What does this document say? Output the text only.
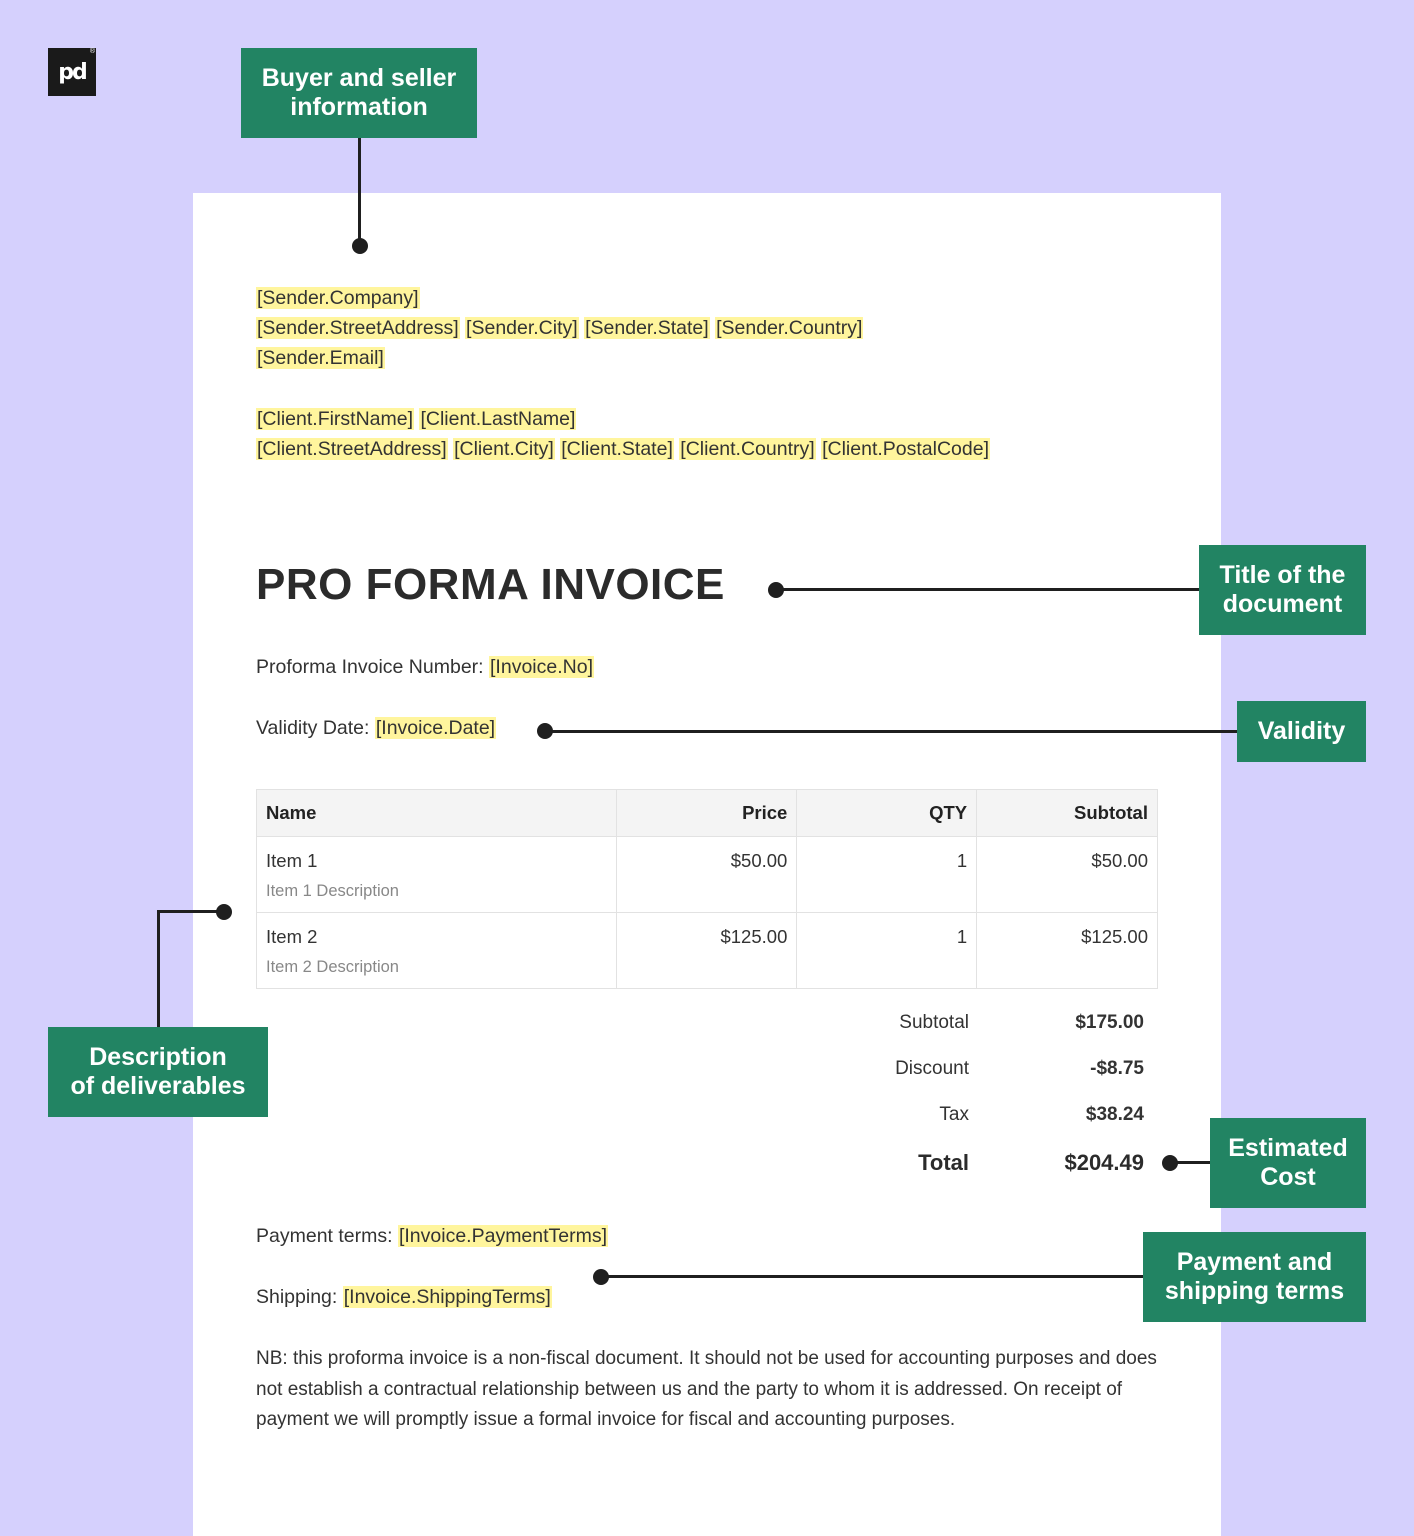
pd
®
[Sender.Company]
[Sender.StreetAddress] [Sender.City] [Sender.State] [Sender.Country]
[Sender.Email]
[Client.FirstName] [Client.LastName]
[Client.StreetAddress] [Client.City] [Client.State] [Client.Country] [Client.PostalCode]
PRO FORMA INVOICE
Proforma Invoice Number: [Invoice.No]
Validity Date: [Invoice.Date]
Name	Price	QTY	Subtotal

Item 1
Item 1 Description	$50.00	1	$50.00

Item 2
Item 2 Description	$125.00	1	$125.00
Subtotal	$175.00
Discount	-$8.75
Tax	$38.24
Total	$204.49
Payment terms: [Invoice.PaymentTerms]
Shipping: [Invoice.ShippingTerms]
NB: this proforma invoice is a non-fiscal document. It should not be used for accounting purposes and does not establish a contractual relationship between us and the party to whom it is addressed. On receipt of payment we will promptly issue a formal invoice for fiscal and accounting purposes.
Buyer and seller
information
Title of the
document
Validity
Description
of deliverables
Estimated
Cost
Payment and
shipping terms
